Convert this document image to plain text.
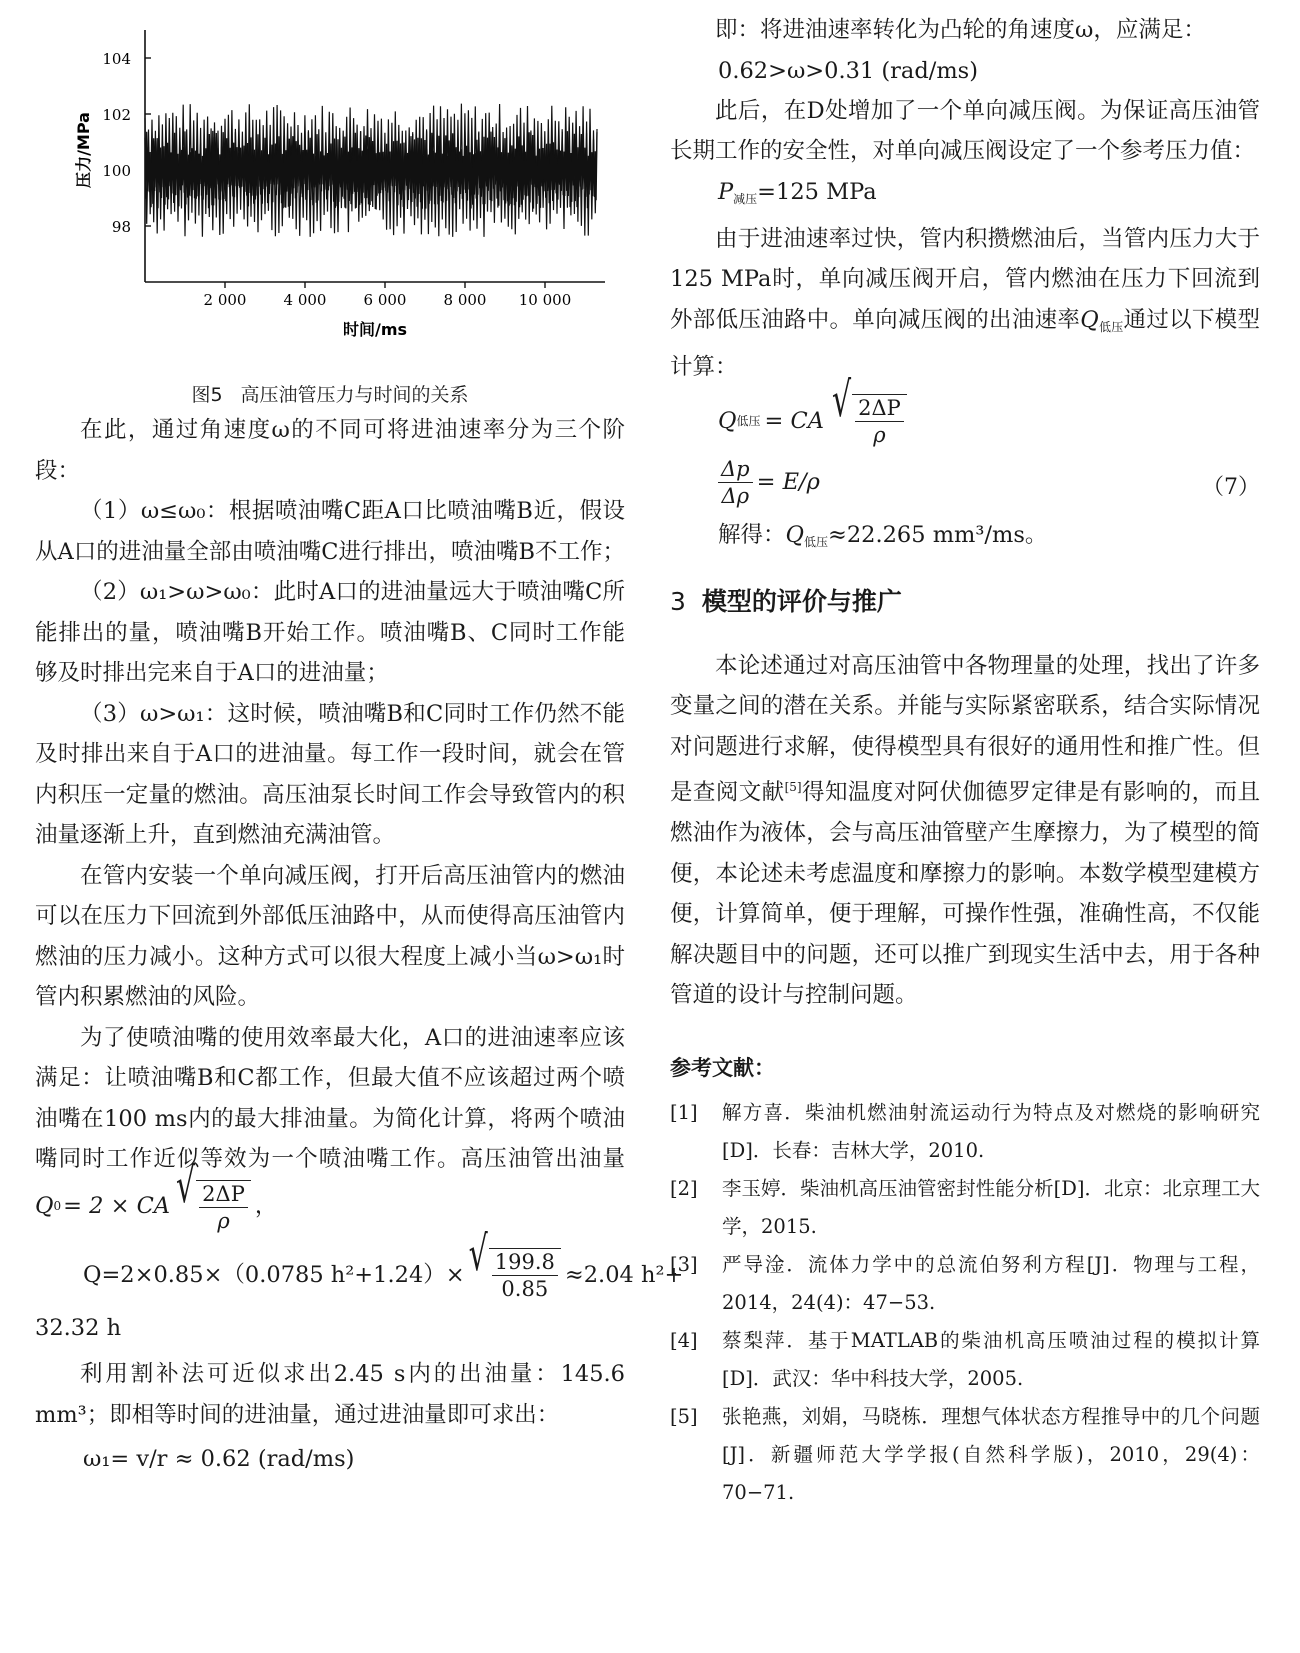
98
100
102
104
2 000 4 000 6 000 8 000 10 000
时间/ms
压力/MPa
图5 高压油管压力与时间的关系

在此，通过角速度ω的不同可将进油速率分为三个阶段：

（1）ω≤ω₀：根据喷油嘴C距A口比喷油嘴B近，假设从A口的进油量全部由喷油嘴C进行排出，喷油嘴B不工作；

（2）ω₁>ω>ω₀：此时A口的进油量远大于喷油嘴C所能排出的量，喷油嘴B开始工作。喷油嘴B、C同时工作能够及时排出完来自于A口的进油量；

（3）ω>ω₁：这时候，喷油嘴B和C同时工作仍然不能及时排出来自于A口的进油量。每工作一段时间，就会在管内积压一定量的燃油。高压油泵长时间工作会导致管内的积油量逐渐上升，直到燃油充满油管。

在管内安装一个单向减压阀，打开后高压油管内的燃油可以在压力下回流到外部低压油路中，从而使得高压油管内燃油的压力减小。这种方式可以很大程度上减小当ω>ω₁时管内积累燃油的风险。

为了使喷油嘴的使用效率最大化，A口的进油速率应该满足：让喷油嘴B和C都工作，但最大值不应该超过两个喷油嘴在100 ms内的最大排油量。为简化计算，将两个喷油嘴同时工作近似等效为一个喷油嘴工作。高压油管出油量
Q 0 = 2 × CA √ $\frac{2\Delta P}{\rho}$ ，

Q=2×0.85×（0.0785 h²+1.24）× √ $\frac{199.8}{0.85} \approx 2.04$ h²+

32.32 h

利用割补法可近似求出2.45 s内的出油量：145.6 mm³；即相等时间的进油量，通过进油量即可求出：

ω₁= v/r ≈ 0.62 (rad/ms)

即：将进油速率转化为凸轮的角速度ω，应满足：

0.62>ω>0.31 (rad/ms)

此后，在D处增加了一个单向减压阀。为保证高压油管长期工作的安全性，对单向减压阀设定了一个参考压力值：

$P_{减压}=125$ MPa

由于进油速率过快，管内积攒燃油后，当管内压力大于125 MPa时，单向减压阀开启，管内燃油在压力下回流到外部低压油路中。单向减压阀的出油速率$Q_{低压}$通过以下模型计算：

Q 低压 = CA √ $\frac{2\Delta P}{\rho}$
$\frac{\Delta p}{\Delta\rho} = E/\rho$	（7）
解得：$Q_{低压}\approx 22.265$ mm³/ms。
3 模型的评价与推广

本论述通过对高压油管中各物理量的处理，找出了许多变量之间的潜在关系。并能与实际紧密联系，结合实际情况对问题进行求解，使得模型具有很好的通用性和推广性。但是查阅文献[5]得知温度对阿伏伽德罗定律是有影响的，而且燃油作为液体，会与高压油管壁产生摩擦力，为了模型的简便，本论述未考虑温度和摩擦力的影响。本数学模型建模方便，计算简单，便于理解，可操作性强，准确性高，不仅能解决题目中的问题，还可以推广到现实生活中去，用于各种管道的设计与控制问题。

参考文献：
[1]	解方喜．柴油机燃油射流运动行为特点及对燃烧的影响研究[D]．长春：吉林大学，2010.
[2]	李玉婷．柴油机高压油管密封性能分析[D]．北京：北京理工大学，2015.
[3]	严导淦．流体力学中的总流伯努利方程[J]．物理与工程，2014，24(4)：47−53.
[4]	蔡梨萍．基于MATLAB的柴油机高压喷油过程的模拟计算[D]．武汉：华中科技大学，2005.
[5]	张艳燕，刘娟，马晓栋．理想气体状态方程推导中的几个问题[J]．新疆师范大学学报(自然科学版)，2010，29(4)：70−71.
